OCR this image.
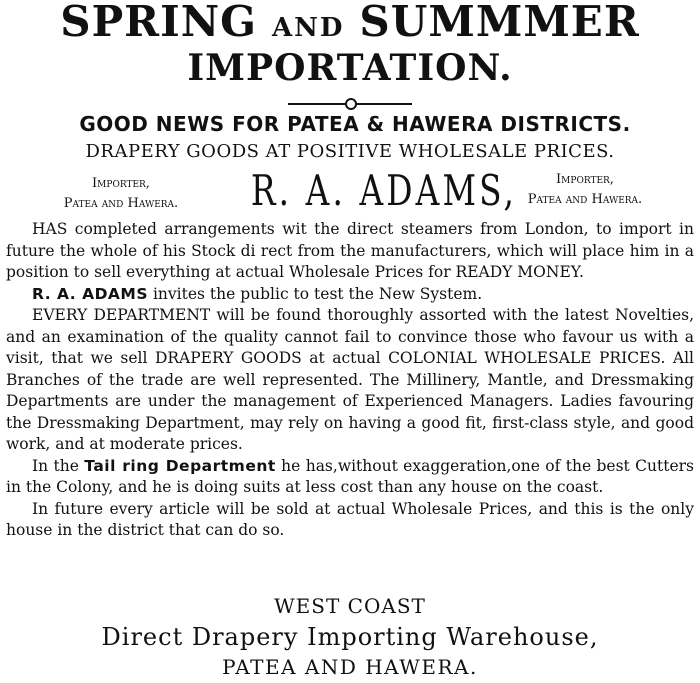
SPRING AND SUMMMER
IMPORTATION.
GOOD NEWS FOR PATEA & HAWERA DISTRICTS.
DRAPERY GOODS AT POSITIVE WHOLESALE PRICES.
Importer,
Patea and Hawera.	R. A. ADAMS,	Importer,
Patea and Hawera.

HAS completed arrangements wit the direct steamers from London, to import in future the whole of his Stock di rect from the manufacturers, which will place him in a position to sell everything at actual Wholesale Prices for READY MONEY.

R. A. ADAMS invites the public to test the New System.

EVERY DEPARTMENT will be found thoroughly assorted with the latest Novelties, and an examination of the quality cannot fail to convince those who favour us with a visit, that we sell DRAPERY GOODS at actual COLONIAL WHOLESALE PRICES. All Branches of the trade are well represented. The Millinery, Mantle, and Dressmaking Departments are under the management of Experienced Managers. Ladies favouring the Dressmaking Department, may rely on having a good fit, first-class style, and good work, and at moderate prices.

In the Tail ring Department he has,without exaggeration,one of the best Cutters in the Colony, and he is doing suits at less cost than any house on the coast.

In future every article will be sold at actual Wholesale Prices, and this is the only house in the district that can do so.

WEST COAST
Direct Drapery Importing Warehouse,
PATEA AND HAWERA.
